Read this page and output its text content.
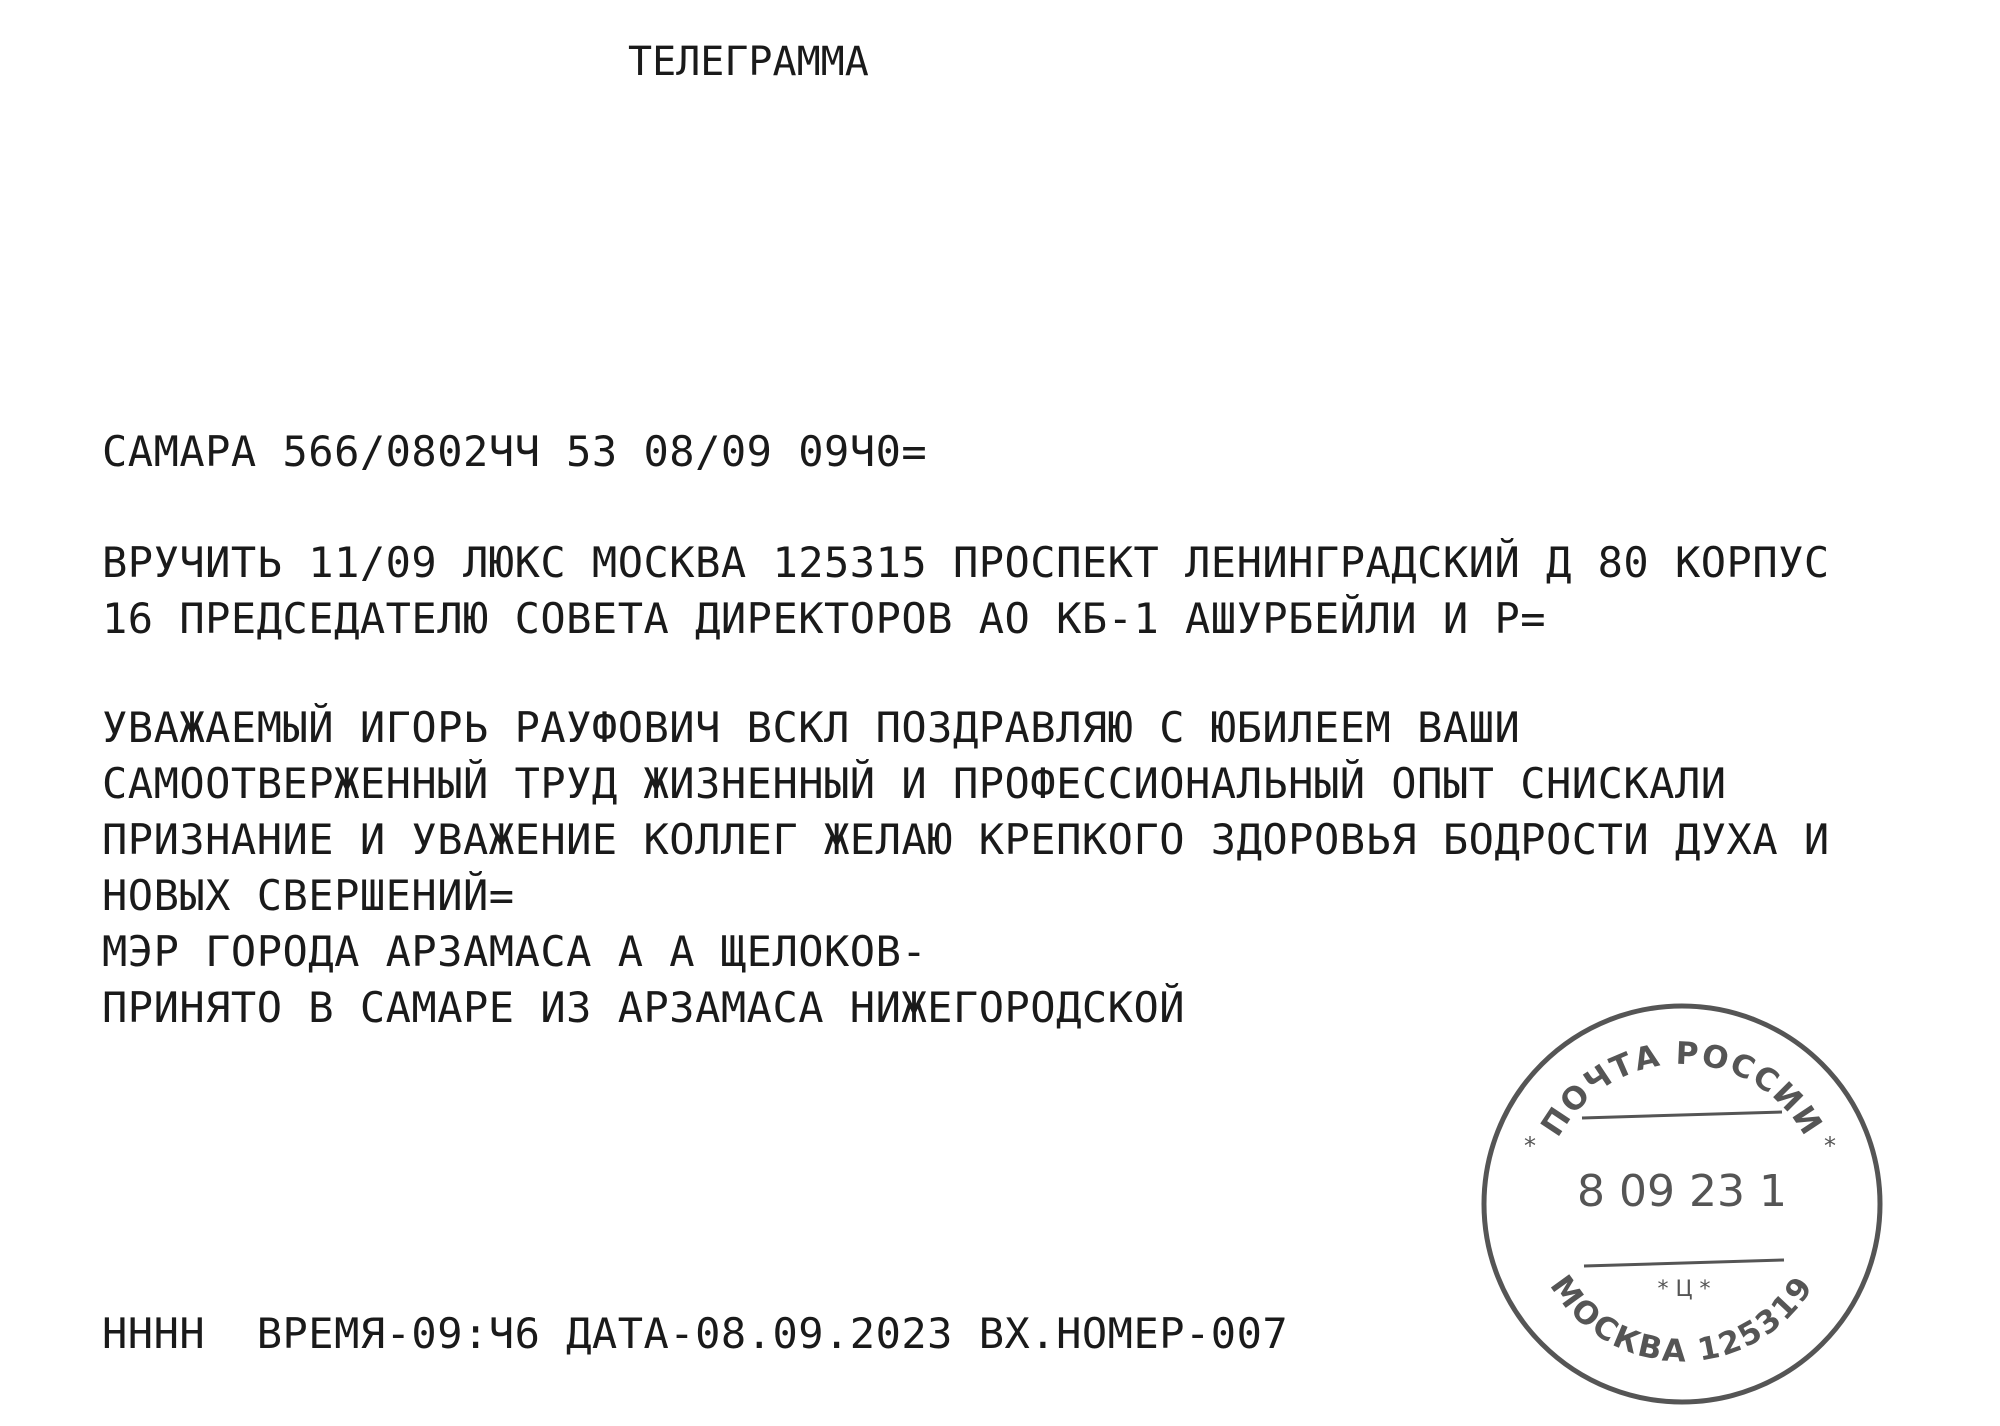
ТЕЛЕГРАММА
САМАРА 566/0802ЧЧ 53 08/09 09Ч0=
ВРУЧИТЬ 11/09 ЛЮКС МОСКВА 125315 ПРОСПЕКТ ЛЕНИНГРАДСКИЙ Д 80 КОРПУС
16 ПРЕДСЕДАТЕЛЮ СОВЕТА ДИРЕКТОРОВ АО КБ-1 АШУРБЕЙЛИ И Р=
УВАЖАЕМЫЙ ИГОРЬ РАУФОВИЧ ВСКЛ ПОЗДРАВЛЯЮ С ЮБИЛЕЕМ ВАШИ
САМООТВЕРЖЕННЫЙ ТРУД ЖИЗНЕННЫЙ И ПРОФЕССИОНАЛЬНЫЙ ОПЫТ СНИСКАЛИ
ПРИЗНАНИЕ И УВАЖЕНИЕ КОЛЛЕГ ЖЕЛАЮ КРЕПКОГО ЗДОРОВЬЯ БОДРОСТИ ДУХА И
НОВЫХ СВЕРШЕНИЙ=
МЭР ГОРОДА АРЗАМАСА А А ЩЕЛОКОВ-
ПРИНЯТО В САМАРЕ ИЗ АРЗАМАСА НИЖЕГОРОДСКОЙ
НННН  ВРЕМЯ-09:Ч6 ДАТА-08.09.2023 ВХ.НОМЕР-007
ПОЧТА РОССИИ
МОСКВА 125319
8 09 23 1
* Ц *
*	*
